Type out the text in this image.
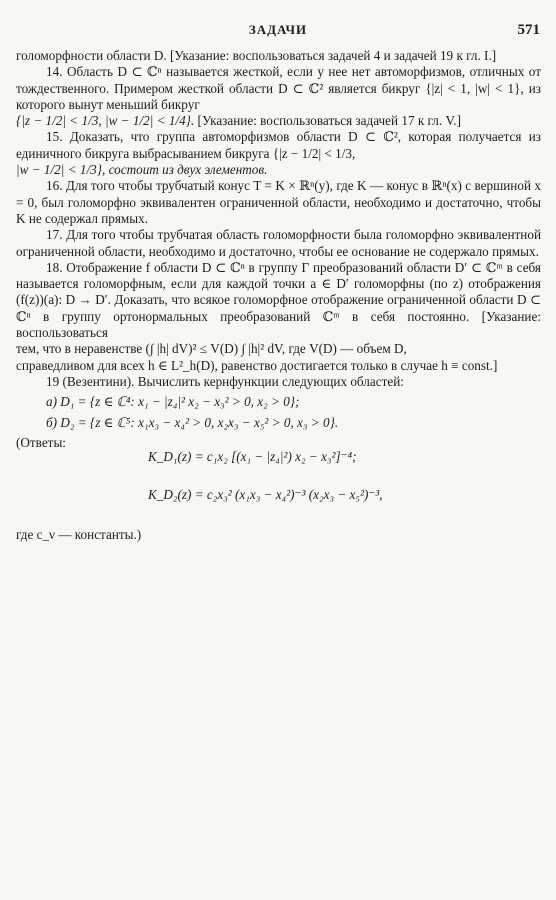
ЗАДАЧИ	571

голоморфности области D. [Указание: воспользоваться задачей 4 и задачей 19 к гл. I.]

14. Область D ⊂ ℂⁿ называется жесткой, если у нее нет автоморфизмов, отличных от тождественного. Примером жесткой области D ⊂ ℂ² является бикруг {|z| < 1, |w| < 1}, из которого вынут меньший бикруг

{|z − 1/2| < 1/3, |w − 1/2| < 1/4}. [Указание: воспользоваться задачей 17 к гл. V.]

15. Доказать, что группа автоморфизмов области D ⊂ ℂ², которая получается из единичного бикруга выбрасыванием бикруга {|z − 1/2| < 1/3,

|w − 1/2| < 1/3}, состоит из двух элементов.

16. Для того чтобы трубчатый конус T = K × ℝⁿ(y), где K — конус в ℝⁿ(x) с вершиной x = 0, был голоморфно эквивалентен ограниченной области, необходимо и достаточно, чтобы K не содержал прямых.

17. Для того чтобы трубчатая область голоморфности была голоморфно эквивалентной ограниченной области, необходимо и достаточно, чтобы ее основание не содержало прямых.

18. Отображение f области D ⊂ ℂⁿ в группу Γ преобразований области D′ ⊂ ℂᵐ в себя называется голоморфным, если для каждой точки a ∈ D′ голоморфны (по z) отображения (f(z))(a): D → D′. Доказать, что всякое голоморфное отображение ограниченной области D ⊂ ℂⁿ в группу ортонормальных преобразований ℂᵐ в себя постоянно. [Указание: воспользоваться

тем, что в неравенстве (∫ |h| dV)² ≤ V(D) ∫ |h|² dV, где V(D) — объем D,

справедливом для всех h ∈ L²_h(D), равенство достигается только в случае h ≡ const.]

19 (Везентини). Вычислить кернфункции следующих областей:

а) D₁ = {z ∈ ℂ⁴: x₁ − |z₄|² x₂ − x₃² > 0, x₂ > 0};

б) D₂ = {z ∈ ℂ⁵: x₁x₃ − x₄² > 0, x₂x₃ − x₅² > 0, x₃ > 0}.

(Ответы:
K_D₁(z) = c₁x₂ [(x₁ − |z₄|²) x₂ − x₃²]⁻⁴;
K_D₂(z) = c₂x₃² (x₁x₃ − x₄²)⁻³ (x₂x₃ − x₅²)⁻³,
где c_ν — константы.)
